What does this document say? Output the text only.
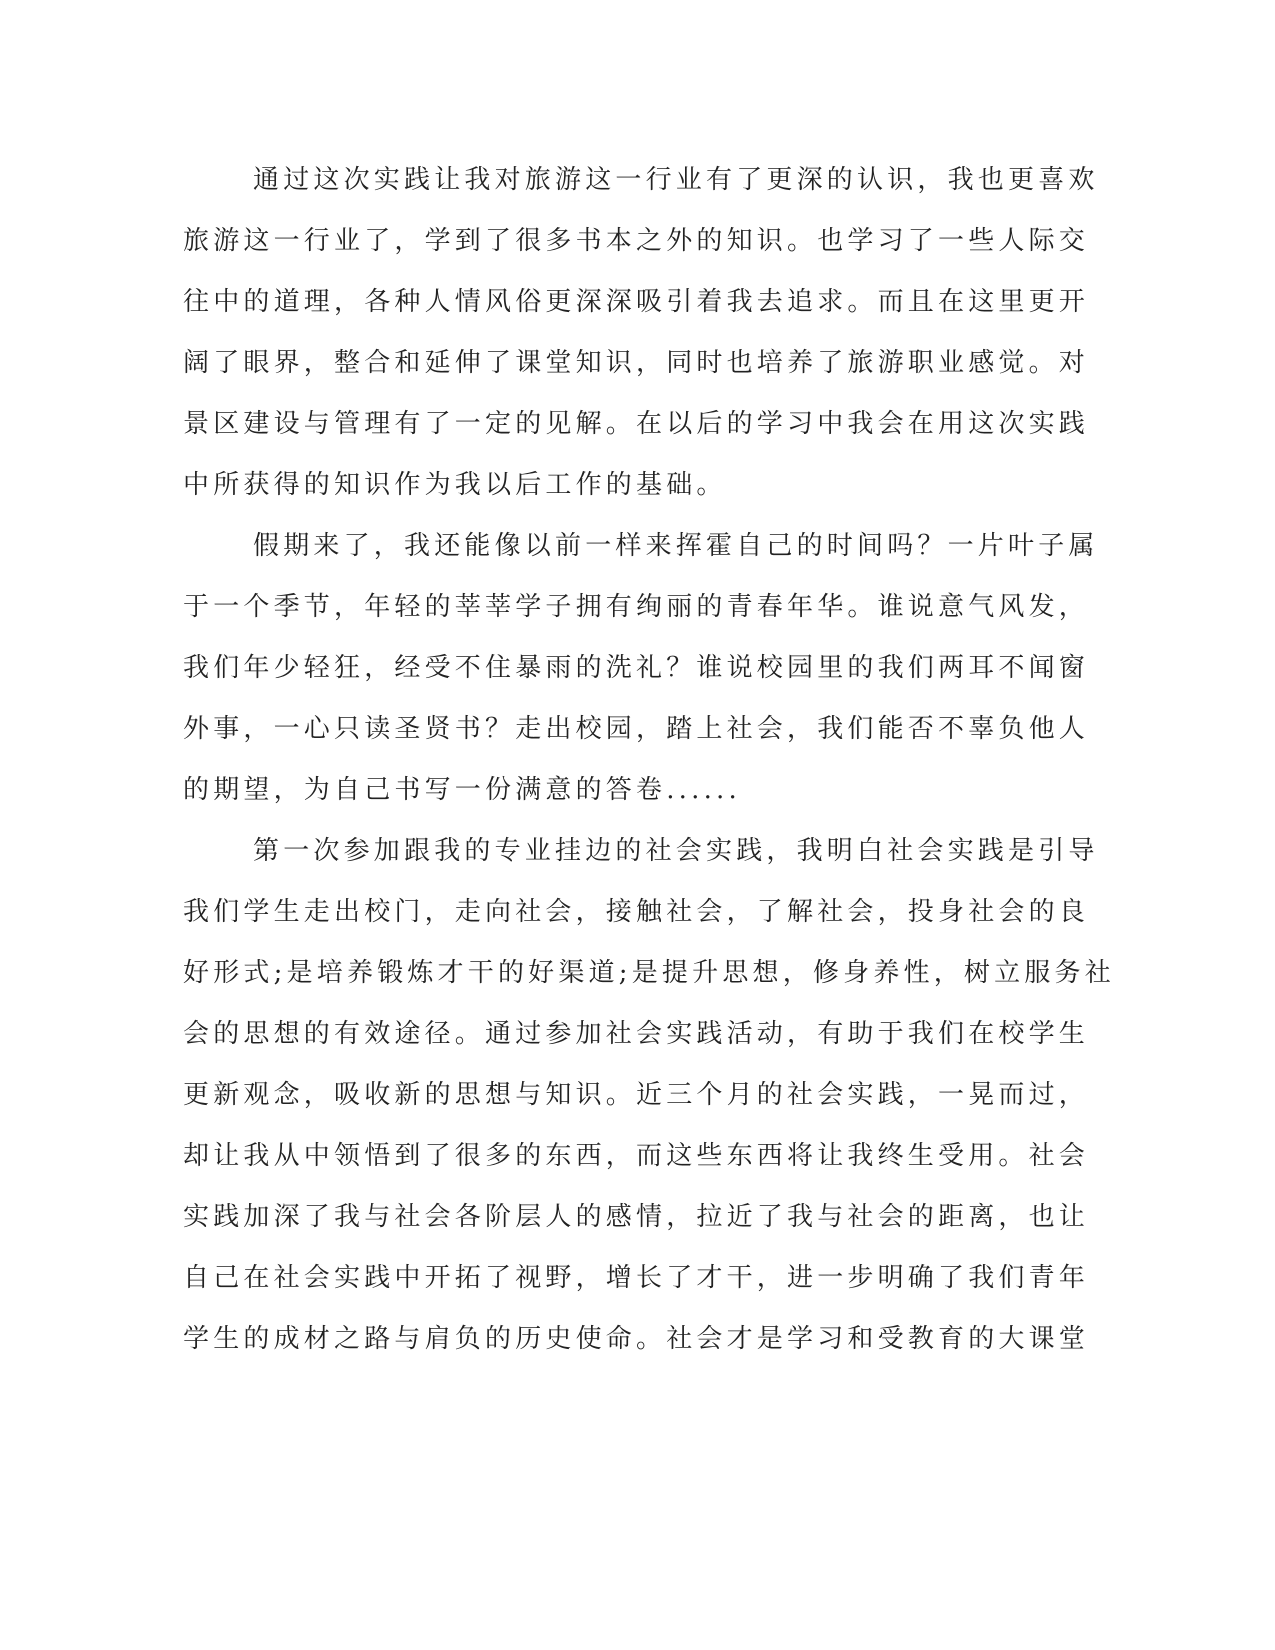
通过这次实践让我对旅游这一行业有了更深的认识，我也更喜欢
旅游这一行业了，学到了很多书本之外的知识。也学习了一些人际交
往中的道理，各种人情风俗更深深吸引着我去追求。而且在这里更开
阔了眼界，整合和延伸了课堂知识，同时也培养了旅游职业感觉。对
景区建设与管理有了一定的见解。在以后的学习中我会在用这次实践
中所获得的知识作为我以后工作的基础。
假期来了，我还能像以前一样来挥霍自己的时间吗？一片叶子属
于一个季节，年轻的莘莘学子拥有绚丽的青春年华。谁说意气风发，
我们年少轻狂，经受不住暴雨的洗礼？谁说校园里的我们两耳不闻窗
外事，一心只读圣贤书？走出校园，踏上社会，我们能否不辜负他人
的期望，为自己书写一份满意的答卷......
第一次参加跟我的专业挂边的社会实践，我明白社会实践是引导
我们学生走出校门，走向社会，接触社会，了解社会，投身社会的良
好形式;是培养锻炼才干的好渠道;是提升思想，修身养性，树立服务社
会的思想的有效途径。通过参加社会实践活动，有助于我们在校学生
更新观念，吸收新的思想与知识。近三个月的社会实践，一晃而过，
却让我从中领悟到了很多的东西，而这些东西将让我终生受用。社会
实践加深了我与社会各阶层人的感情，拉近了我与社会的距离，也让
自己在社会实践中开拓了视野，增长了才干，进一步明确了我们青年
学生的成材之路与肩负的历史使命。社会才是学习和受教育的大课堂
